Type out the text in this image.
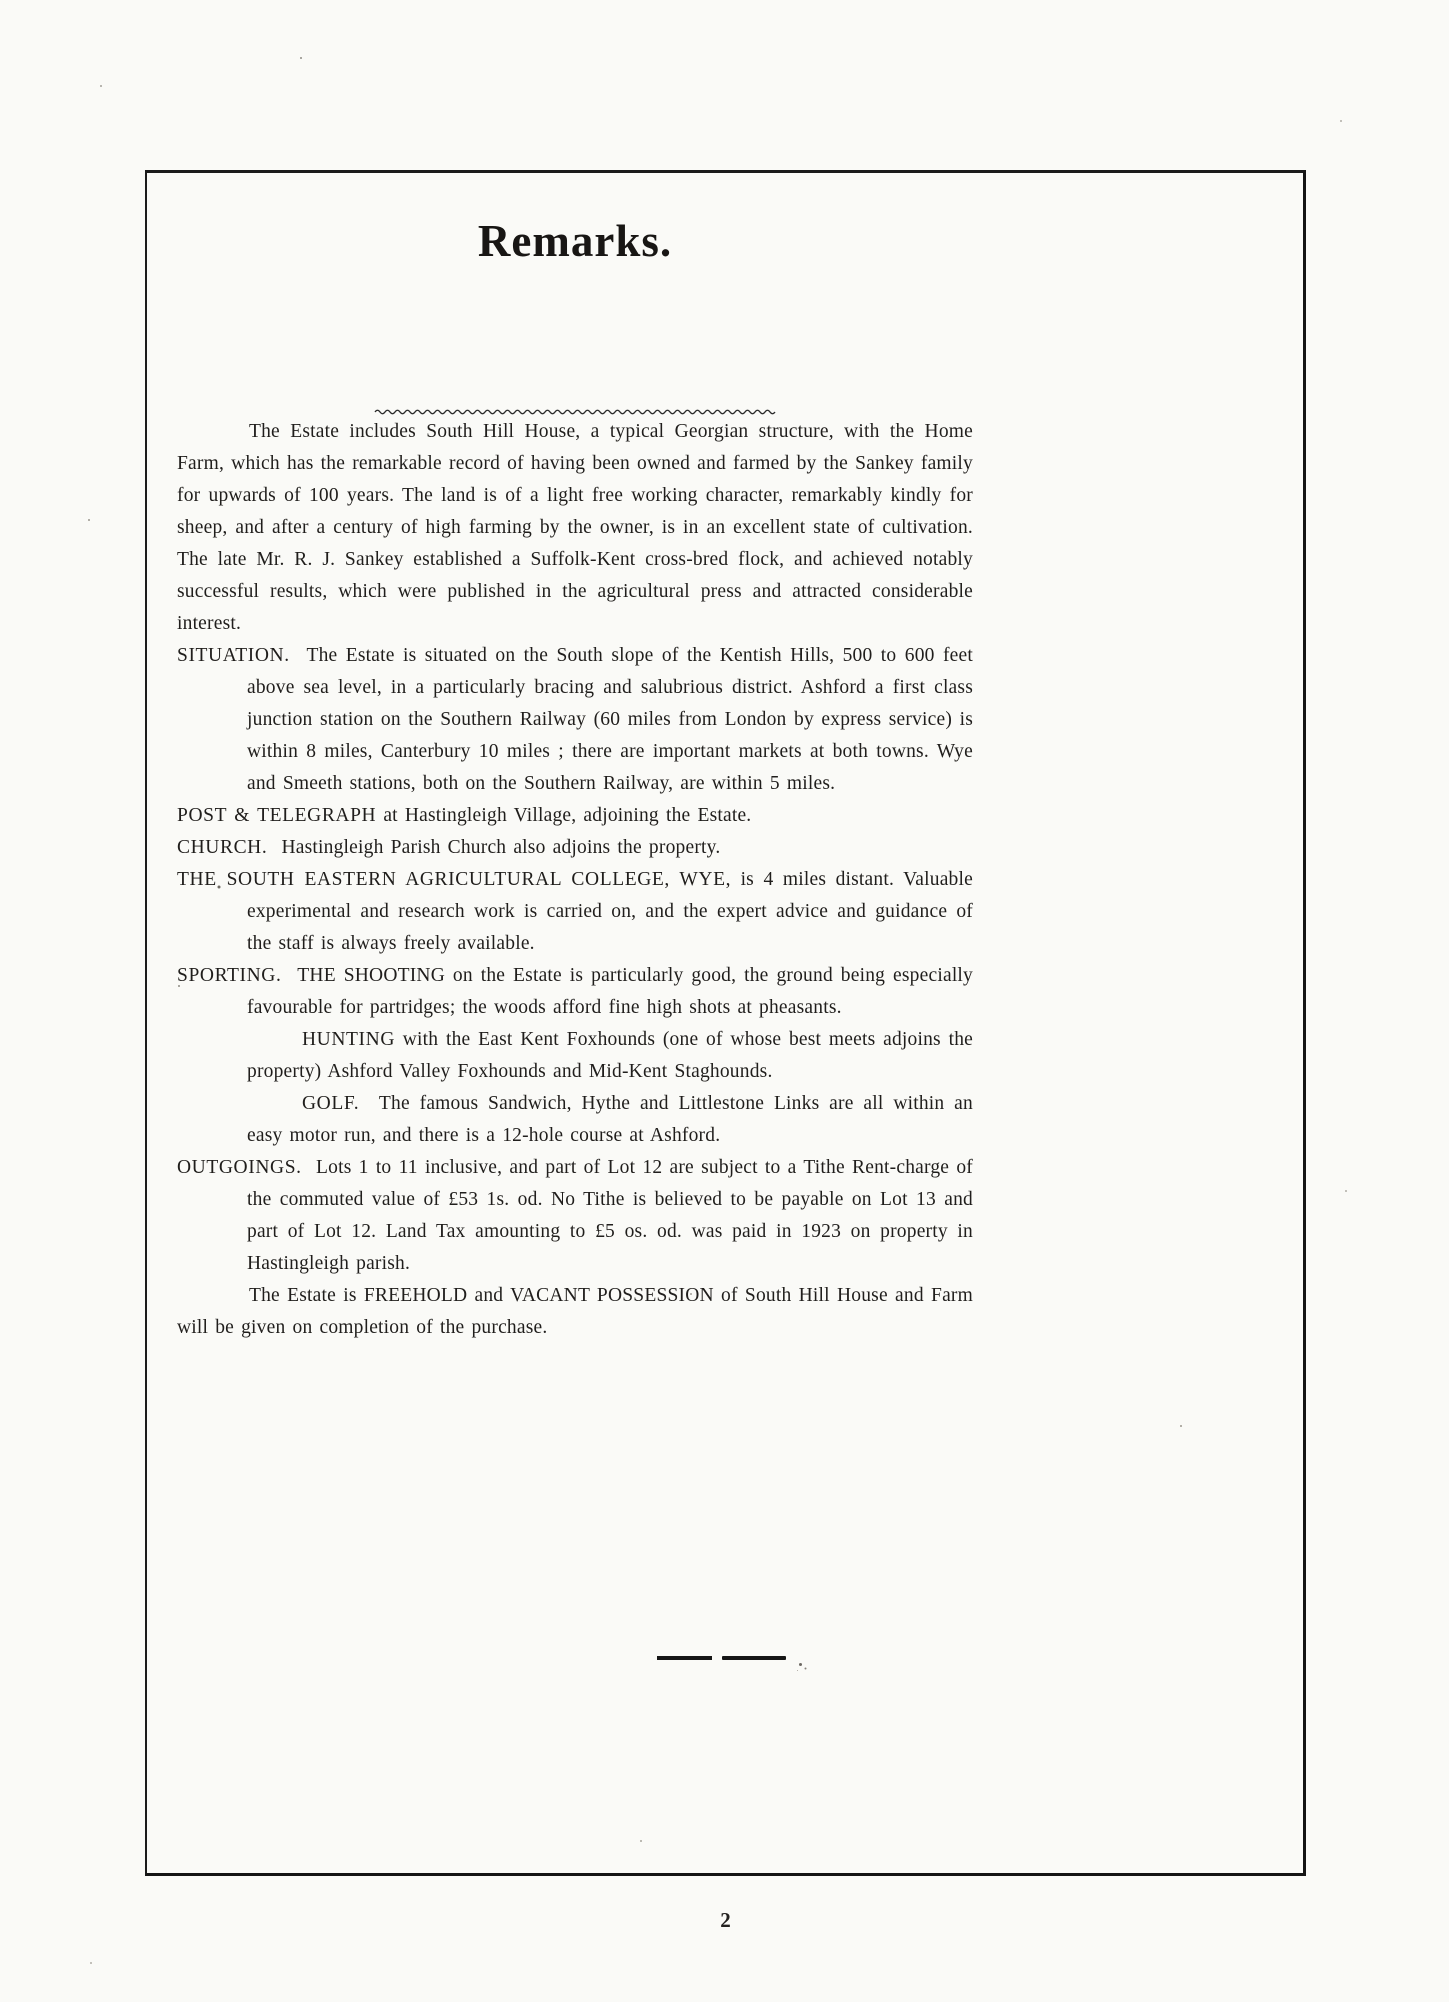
Remarks.

The Estate includes South Hill House, a typical Georgian structure, with the Home Farm, which has the remarkable record of having been owned and farmed by the Sankey family for upwards of 100 years. The land is of a light free working character, remarkably kindly for sheep, and after a century of high farming by the owner, is in an excellent state of cultivation. The late Mr. R. J. Sankey established a Suffolk-Kent cross-bred flock, and achieved notably successful results, which were published in the agricultural press and attracted considerable interest.

SITUATION. The Estate is situated on the South slope of the Kentish Hills, 500 to 600 feet above sea level, in a particularly bracing and salubrious district. Ashford a first class junction station on the Southern Railway (60 miles from London by express service) is within 8 miles, Canterbury 10 miles ; there are important markets at both towns. Wye and Smeeth stations, both on the Southern Railway, are within 5 miles.

POST & TELEGRAPH at Hastingleigh Village, adjoining the Estate.

CHURCH. Hastingleigh Parish Church also adjoins the property.

THE SOUTH EASTERN AGRICULTURAL COLLEGE, WYE, is 4 miles distant. Valuable experimental and research work is carried on, and the expert advice and guidance of the staff is always freely available.

SPORTING. THE SHOOTING on the Estate is particularly good, the ground being especially favourable for partridges; the woods afford fine high shots at pheasants.

HUNTING with the East Kent Foxhounds (one of whose best meets adjoins the property) Ashford Valley Foxhounds and Mid-Kent Staghounds.

GOLF. The famous Sandwich, Hythe and Littlestone Links are all within an easy motor run, and there is a 12-hole course at Ashford.

OUTGOINGS. Lots 1 to 11 inclusive, and part of Lot 12 are subject to a Tithe Rent-charge of the commuted value of £53 1s. od. No Tithe is believed to be payable on Lot 13 and part of Lot 12. Land Tax amounting to £5 os. od. was paid in 1923 on property in Hastingleigh parish.

The Estate is FREEHOLD and VACANT POSSESSION of South Hill House and Farm will be given on completion of the purchase.

2
